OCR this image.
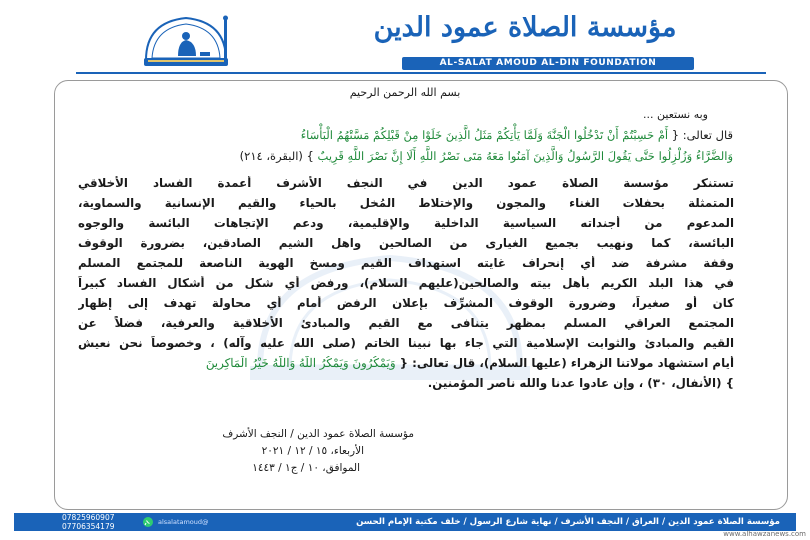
مؤسسة الصلاة عمود الدين
AL-SALAT AMOUD AL-DIN FOUNDATION
بسم الله الرحمن الرحيم
وبه نستعين ...
قال تعالى: { أَمْ حَسِبْتُمْ أَنْ تَدْخُلُوا الْجَنَّةَ وَلَمَّا يَأْتِكُمْ مَثَلُ الَّذِينَ خَلَوْا مِنْ قَبْلِكُمْ مَسَّتْهُمُ الْبَأْسَاءُ
وَالضَّرَّاءُ وَزُلْزِلُوا حَتَّى يَقُولَ الرَّسُولُ وَالَّذِينَ آمَنُوا مَعَهُ مَتَى نَصْرُ اللَّهِ أَلَا إِنَّ نَصْرَ اللَّهِ قَرِيبٌ } (البقرة، ٢١٤)
تستنكر مؤسسة الصلاة عمود الدين في النجف الأشرف أعمدة الفساد الأخلاقي
المتمثلة بحفلات الغناء والمجون والإختلاط المُخل بالحياء والقيم الإنسانية والسماوية،
المدعوم من أجنداته السياسية الداخلية والإقليمية، ودعم الإتجاهات البائسة والوجوه
البائسة، كما ونهيب بجميع الغيارى من الصالحين واهل الشيم الصادقين، بضرورة الوقوف
وقفة مشرفة ضد أي إنحراف غايته استهداف القيم ومسخ الهوية الناصعة للمجتمع المسلم
في هذا البلد الكريم بأهل بيته والصالحين(عليهم السلام)، ورفض أي شكل من أشكال الفساد كبيراً
كان أو صغيراً، وضرورة الوقوف المشرِّف بإعلان الرفض أمام أي محاولة تهدف إلى إظهار
المجتمع العراقي المسلم بمظهر يتنافى مع القيم والمبادئ الأخلاقية والعرفية، فضلاً عن
القيم والمبادئ والثوابت الإسلامية التي جاء بها نبينا الخاتم (صلى الله عليه وآله) ، وخصوصاً نحن نعيش
أيام استشهاد مولاتنا الزهراء (عليها السلام)، قال تعالى: { وَيَمْكُرُونَ وَيَمْكُرُ اللَّهُ وَاللَّهُ خَيْرُ الْمَاكِرِينَ
} (الأنفال، ٣٠) ، وإن عادوا عدنا والله ناصر المؤمنين.
مؤسسة الصلاة عمود الدين / النجف الأشرف
الأربعاء، ١٥ / ١٢ / ٢٠٢١
الموافق، ١٠ / ج١ / ١٤٤٣
07825960907
07706354179	@alsalatamoud	مؤسسة الصلاة عمود الدين / العراق / النجف الأشرف / نهاية شارع الرسول / خلف مكتبة الإمام الحسن
www.alhawzanews.com
